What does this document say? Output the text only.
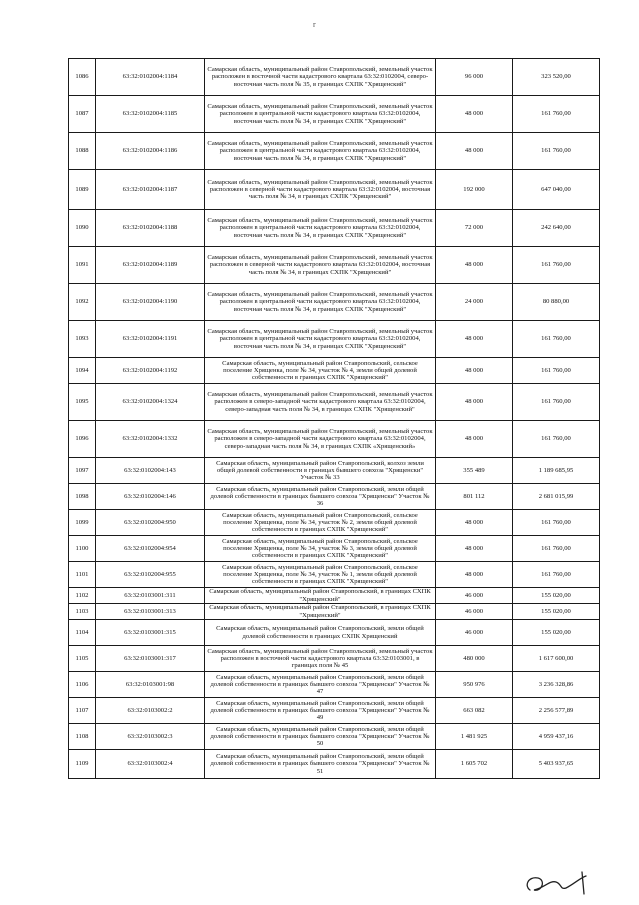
r
1086	63:32:0102004:1184	Самарская область, муниципальный район Ставропольский, земельный участок расположен в восточной части кадастрового квартала 63:32:0102004, северо-восточная часть поля № 35, в границах СХПК "Хрященский"	96 000	323 520,00
1087	63:32:0102004:1185	Самарская область, муниципальный район Ставропольский, земельный участок расположен в центральной части кадастрового квартала 63:32:0102004, восточная часть поля № 34, в границах СХПК "Хрященский"	48 000	161 760,00
1088	63:32:0102004:1186	Самарская область, муниципальный район Ставропольский, земельный участок расположен в центральной части кадастрового квартала 63:32:0102004, восточная часть поля № 34, в границах СХПК "Хрященский"	48 000	161 760,00
1089	63:32:0102004:1187	Самарская область, муниципальный район Ставропольский, земельный участок расположен в северной части кадастрового квартала 63:32:0102004, восточная часть поля № 34, в границах СХПК "Хрященский"	192 000	647 040,00
1090	63:32:0102004:1188	Самарская область, муниципальный район Ставропольский, земельный участок расположен в центральной части кадастрового квартала 63:32:0102004, восточная часть поля № 34, в границах СХПК "Хрященский"	72 000	242 640,00
1091	63:32:0102004:1189	Самарская область, муниципальный район Ставропольский, земельный участок расположен в северной части кадастрового квартала 63:32:0102004, восточная часть поля № 34, в границах СХПК "Хрященский"	48 000	161 760,00
1092	63:32:0102004:1190	Самарская область, муниципальный район Ставропольский, земельный участок расположен в центральной части кадастрового квартала 63:32:0102004, восточная часть поля № 34, в границах СХПК "Хрященский"	24 000	80 880,00
1093	63:32:0102004:1191	Самарская область, муниципальный район Ставропольский, земельный участок расположен в центральной части кадастрового квартала 63:32:0102004, восточная часть поля № 34, в границах СХПК "Хрященский"	48 000	161 760,00
1094	63:32:0102004:1192	Самарская область, муниципальный район Ставропольский, сельское поселение Хрященка, поле № 34, участок № 4, земли общей долевой собственности в границах СХПК "Хрященский"	48 000	161 760,00
1095	63:32:0102004:1324	Самарская область, муниципальный район Ставропольский, земельный участок расположен в северо-западной части кадастрового квартала 63:32:0102004, северо-западная часть поля № 34, в границах СХПК "Хрященский"	48 000	161 760,00
1096	63:32:0102004:1332	Самарская область, муниципальный район Ставропольский, земельный участок расположен в северо-западной части кадастрового квартала 63:32:0102004, северо-западная часть поля № 34, в границах СХПК «Хрященский»	48 000	161 760,00
1097	63:32:0102004:143	Самарская область, муниципальный район Ставропольский, колхоз земли общей долевой собственности в границах бывшего совхоза "Хрященски" Участок № 33	355 489	1 189 685,95
1098	63:32:0102004:146	Самарская область, муниципальный район Ставропольский, земли общей долевой собственности в границах бывшего совхоза "Хрященски" Участок № 36	801 112	2 681 015,99
1099	63:32:0102004:950	Самарская область, муниципальный район Ставропольский, сельское поселение Хрященка, поле № 34, участок № 2, земли общей долевой собственности в границах СХПК "Хрященский"	48 000	161 760,00
1100	63:32:0102004:954	Самарская область, муниципальный район Ставропольский, сельское поселение Хрященка, поле № 34, участок № 3, земли общей долевой собственности в границах СХПК "Хрященский"	48 000	161 760,00
1101	63:32:0102004:955	Самарская область, муниципальный район Ставропольский, сельское поселение Хрященка, поле № 34, участок № 1, земли общей долевой собственности в границах СХПК "Хрященский"	48 000	161 760,00
1102	63:32:0103001:311	Самарская область, муниципальный район Ставропольский, в границах СХПК "Хрященский"	46 000	155 020,00
1103	63:32:0103001:313	Самарская область, муниципальный район Ставропольский, в границах СХПК "Хрященский"	46 000	155 020,00
1104	63:32:0103001:315	Самарская область, муниципальный район Ставропольский, земли общей долевой собственности в границах СХПК Хрященский	46 000	155 020,00
1105	63:32:0103001:317	Самарская область, муниципальный район Ставропольский, земельный участок расположен в восточной части кадастрового квартала 63:32:0103001, в границах поля № 45	480 000	1 617 600,00
1106	63:32:0103001:98	Самарская область, муниципальный район Ставропольский, земли общей долевой собственности в границах бывшего совхоза "Хрященски" Участок № 47	950 976	3 236 328,86
1107	63:32:0103002:2	Самарская область, муниципальный район Ставропольский, земли общей долевой собственности в границах бывшего совхоза "Хрященски" Участок № 49	663 082	2 256 577,89
1108	63:32:0103002:3	Самарская область, муниципальный район Ставропольский, земли общей долевой собственности в границах бывшего совхоза "Хрященски" Участок № 50	1 481 925	4 959 437,16
1109	63:32:0103002:4	Самарская область, муниципальный район Ставропольский, земли общей долевой собственности в границах бывшего совхоза "Хрященски" Участок № 51	1 605 702	5 403 937,65
